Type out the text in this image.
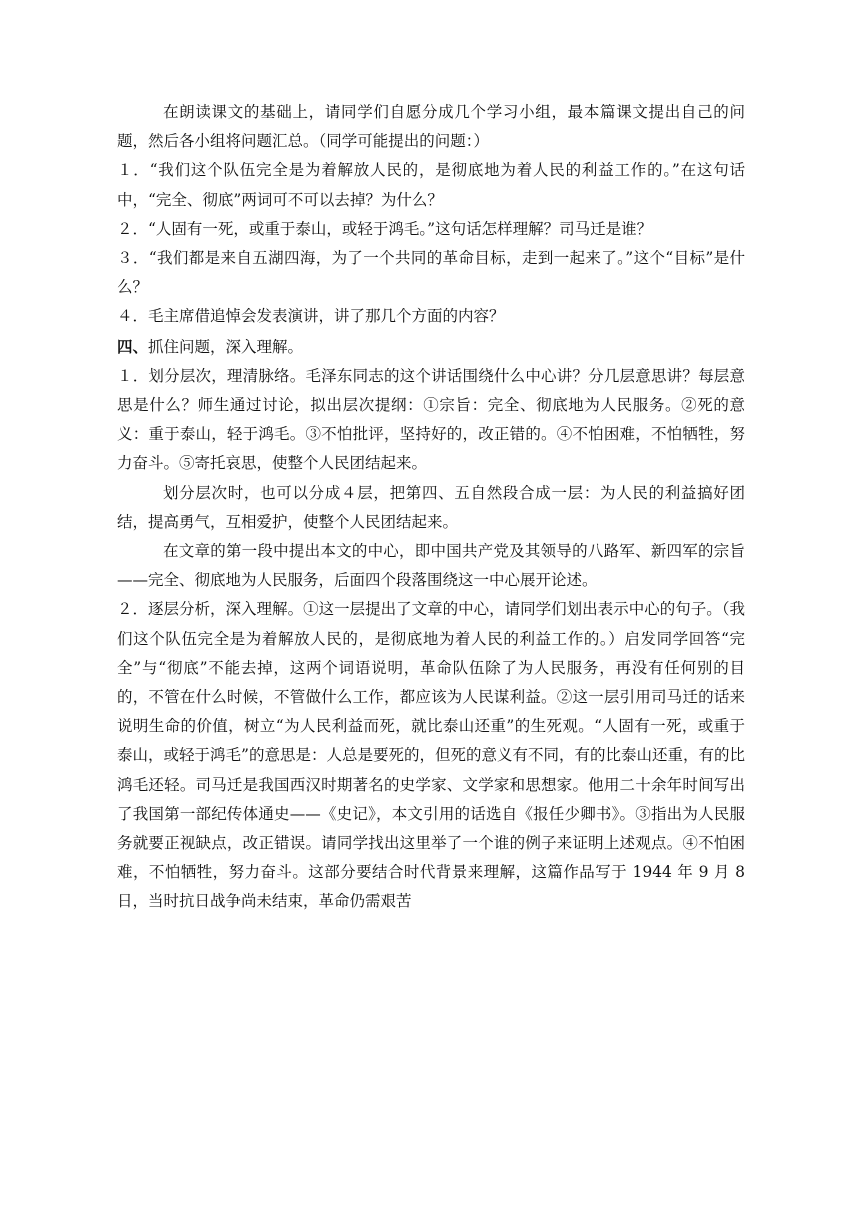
在朗读课文的基础上，请同学们自愿分成几个学习小组，最本篇课文提出自己的问题，然后各小组将问题汇总。（同学可能提出的问题：）

１．“我们这个队伍完全是为着解放人民的，是彻底地为着人民的利益工作的。”在这句话中，“完全、彻底”两词可不可以去掉？为什么？

２．“人固有一死，或重于泰山，或轻于鸿毛。”这句话怎样理解？司马迁是谁？

３．“我们都是来自五湖四海，为了一个共同的革命目标，走到一起来了。”这个“目标”是什么？

４．毛主席借追悼会发表演讲，讲了那几个方面的内容？

四、抓住问题，深入理解。

１．划分层次，理清脉络。毛泽东同志的这个讲话围绕什么中心讲？分几层意思讲？每层意思是什么？师生通过讨论，拟出层次提纲：①宗旨：完全、彻底地为人民服务。②死的意义：重于泰山，轻于鸿毛。③不怕批评，坚持好的，改正错的。④不怕困难，不怕牺牲，努力奋斗。⑤寄托哀思，使整个人民团结起来。

划分层次时，也可以分成４层，把第四、五自然段合成一层：为人民的利益搞好团结，提高勇气，互相爱护，使整个人民团结起来。

在文章的第一段中提出本文的中心，即中国共产党及其领导的八路军、新四军的宗旨——完全、彻底地为人民服务，后面四个段落围绕这一中心展开论述。

２．逐层分析，深入理解。①这一层提出了文章的中心，请同学们划出表示中心的句子。（我们这个队伍完全是为着解放人民的，是彻底地为着人民的利益工作的。）启发同学回答“完全”与“彻底”不能去掉，这两个词语说明，革命队伍除了为人民服务，再没有任何别的目的，不管在什么时候，不管做什么工作，都应该为人民谋利益。②这一层引用司马迁的话来说明生命的价值，树立“为人民利益而死，就比泰山还重”的生死观。“人固有一死，或重于泰山，或轻于鸿毛”的意思是：人总是要死的，但死的意义有不同，有的比泰山还重，有的比鸿毛还轻。司马迁是我国西汉时期著名的史学家、文学家和思想家。他用二十余年时间写出了我国第一部纪传体通史——《史记》，本文引用的话选自《报任少卿书》。③指出为人民服务就要正视缺点，改正错误。请同学找出这里举了一个谁的例子来证明上述观点。④不怕困难，不怕牺牲，努力奋斗。这部分要结合时代背景来理解，这篇作品写于 1944 年 9 月 8 日，当时抗日战争尚未结束，革命仍需艰苦
